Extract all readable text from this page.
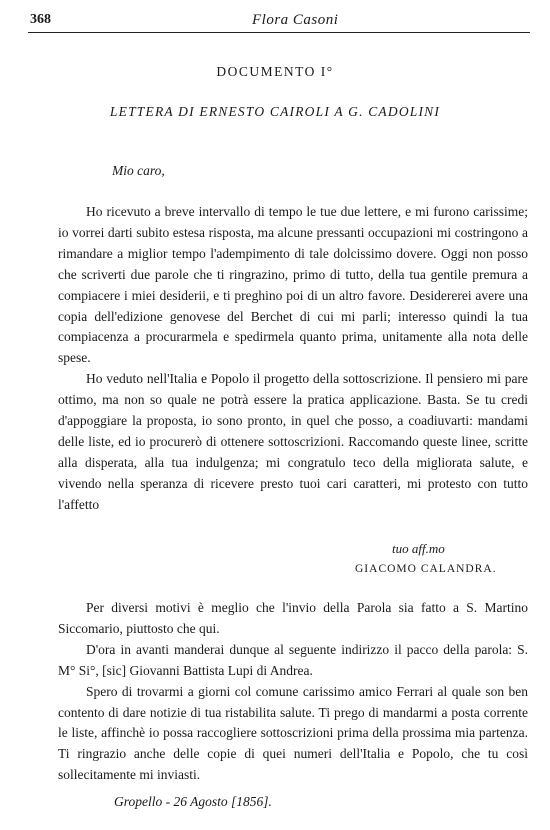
368	Flora Casoni
DOCUMENTO I°
LETTERA DI ERNESTO CAIROLI A G. CADOLINI
Mio caro,

Ho ricevuto a breve intervallo di tempo le tue due lettere, e mi furono carissime; io vorrei darti subito estesa risposta, ma alcune pressanti occupazioni mi costringono a rimandare a miglior tempo l'adempimento di tale dolcissimo dovere. Oggi non posso che scriverti due parole che ti ringrazino, primo di tutto, della tua gentile premura a compiacere i miei desiderii, e ti preghino poi di un altro favore. Desidererei avere una copia dell'edizione genovese del Berchet di cui mi parli; interesso quindi la tua compiacenza a procurarmela e spedirmela quanto prima, unitamente alla nota delle spese.

Ho veduto nell'Italia e Popolo il progetto della sottoscrizione. Il pensiero mi pare ottimo, ma non so quale ne potrà essere la pratica applicazione. Basta. Se tu credi d'appoggiare la proposta, io sono pronto, in quel che posso, a coadiuvarti: mandami delle liste, ed io procurerò di ottenere sottoscrizioni. Raccomando queste linee, scritte alla disperata, alla tua indulgenza; mi congratulo teco della migliorata salute, e vivendo nella speranza di ricevere presto tuoi cari caratteri, mi protesto con tutto l'affetto

tuo aff.mo
GIACOMO CALANDRA.

Per diversi motivi è meglio che l'invio della Parola sia fatto a S. Martino Siccomario, piuttosto che qui.

D'ora in avanti manderai dunque al seguente indirizzo il pacco della parola: S. M° Si°, [sic] Giovanni Battista Lupi di Andrea.

Spero di trovarmi a giorni col comune carissimo amico Ferrari al quale son ben contento di dare notizie di tua ristabilita salute. Ti prego di mandarmi a posta corrente le liste, affinchè io possa raccogliere sottoscrizioni prima della prossima mia partenza. Ti ringrazio anche delle copie di quei numeri dell'Italia e Popolo, che tu così sollecitamente mi inviasti.

Gropello - 26 Agosto [1856].
